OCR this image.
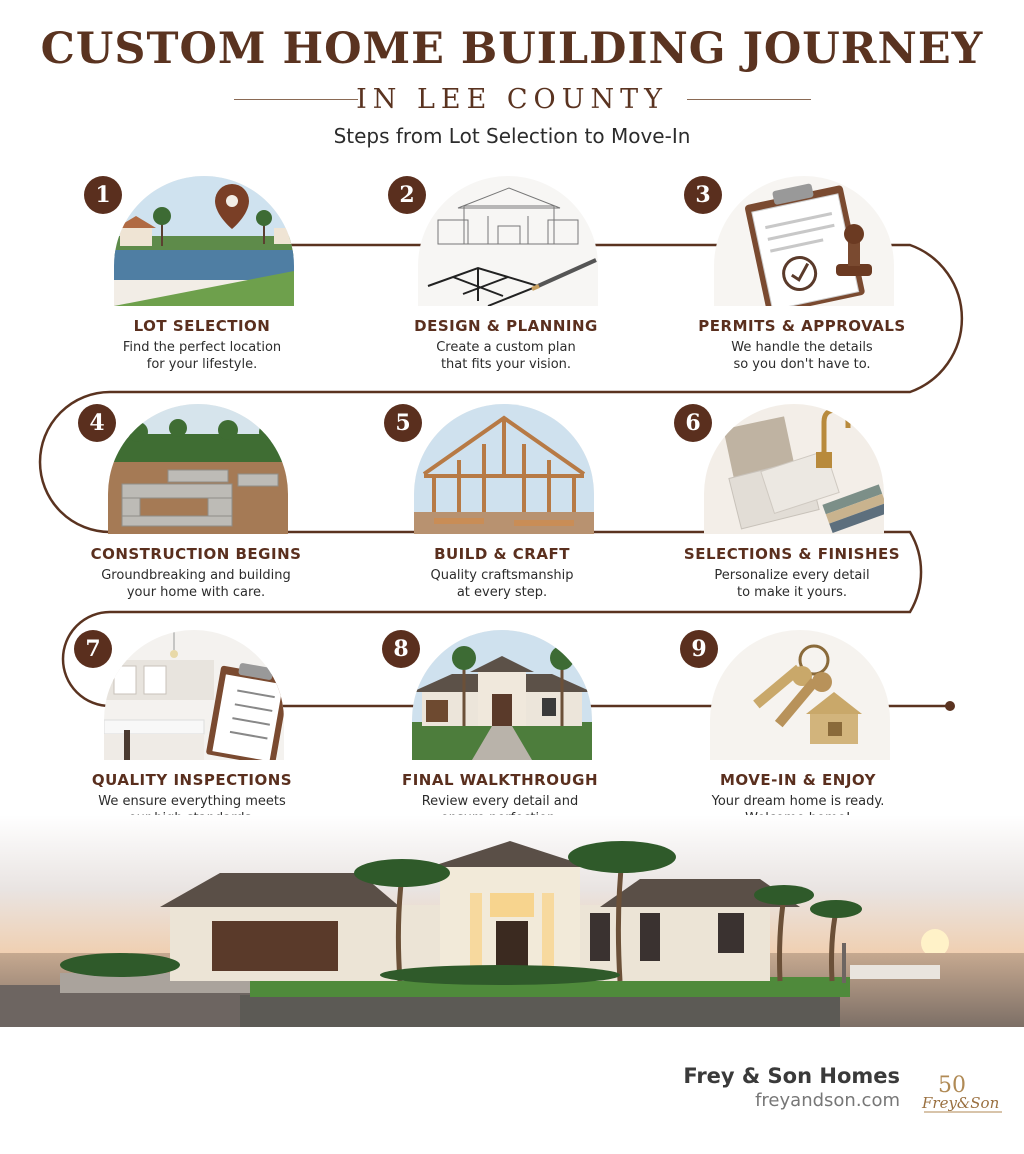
CUSTOM HOME BUILDING JOURNEY
IN LEE COUNTY
Steps from Lot Selection to Move-In
1
LOT SELECTION
Find the perfect location
for your lifestyle.
2
DESIGN & PLANNING
Create a custom plan
that fits your vision.
3
PERMITS & APPROVALS
We handle the details
so you don't have to.
4
CONSTRUCTION BEGINS
Groundbreaking and building
your home with care.
5
BUILD & CRAFT
Quality craftsmanship
at every step.
6
SELECTIONS & FINISHES
Personalize every detail
to make it yours.
7
QUALITY INSPECTIONS
We ensure everything meets
8
FINAL WALKTHROUGH
Review every detail and
9
MOVE-IN & ENJOY
Your dream home is ready.
Frey & Son Homes
freyandson.com
50
Frey&Son
